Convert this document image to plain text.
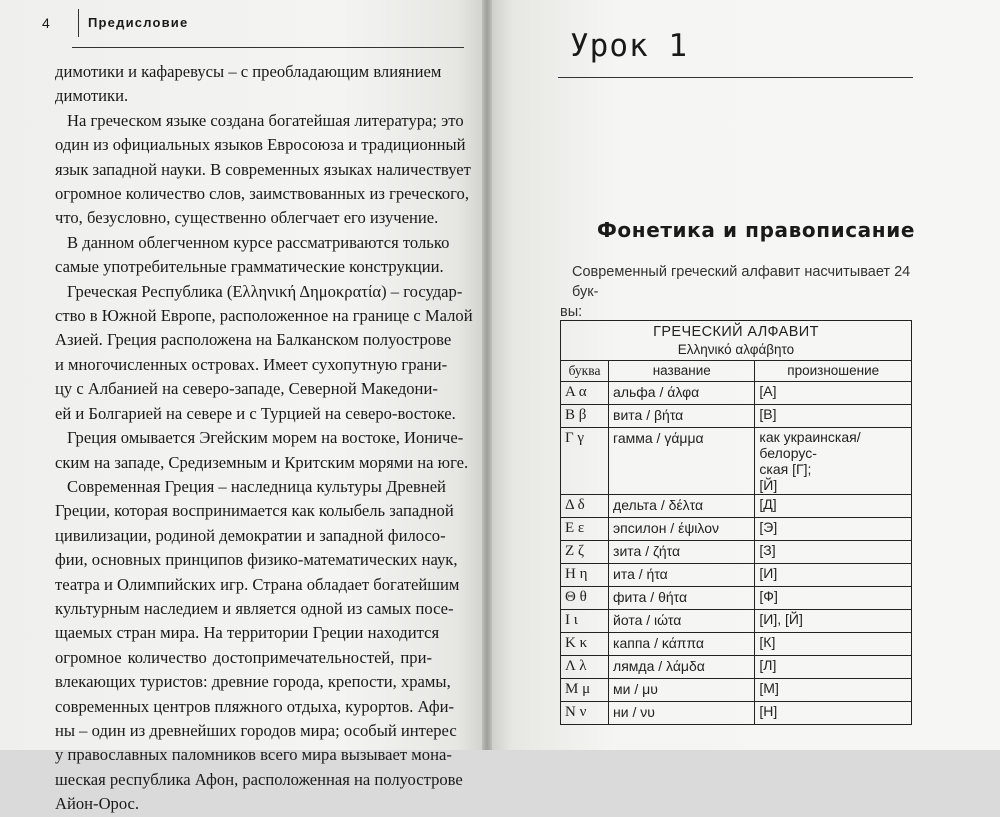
4	Предисловие
димотики и кафаревусы – с преобладающим влиянием
димотики.
На греческом языке создана богатейшая литература; это
один из официальных языков Евросоюза и традиционный
язык западной науки. В современных языках наличествует
огромное количество слов, заимствованных из греческого,
что, безусловно, существенно облегчает его изучение.
В данном облегченном курсе рассматриваются только
самые употребительные грамматические конструкции.
Греческая Республика (Ελληνική Δημοκρατία) – государ-
ство в Южной Европе, расположенное на границе с Малой
Азией. Греция расположена на Балканском полуострове
и многочисленных островах. Имеет сухопутную грани-
цу с Албанией на северо-западе, Северной Македони-
ей и Болгарией на севере и с Турцией на северо-востоке.
Греция омывается Эгейским морем на востоке, Иониче-
ским на западе, Средиземным и Критским морями на юге.
Современная Греция – наследница культуры Древней
Греции, которая воспринимается как колыбель западной
цивилизации, родиной демократии и западной филосо-
фии, основных принципов физико-математических наук,
театра и Олимпийских игр. Страна обладает богатейшим
культурным наследием и является одной из самых посе-
щаемых стран мира. На территории Греции находится
огромное количество достопримечательностей, при-
влекающих туристов: древние города, крепости, храмы,
современных центров пляжного отдыха, курортов. Афи-
ны – один из древнейших городов мира; особый интерес
у православных паломников всего мира вызывает мона-
шеская республика Афон, расположенная на полуострове
Айон-Орос.
Урок 1
Фонетика и правописание
Современный греческий алфавит насчитывает 24 бук-
вы:
ГРЕЧЕСКИЙ АЛФАВИТ
Ελληνικό αλφάβητο		

буква	название	произношение
Α α	альфа / άλφα	[А]

Β β	вита / βήτα	[В]

Γ γ	гамма / γάμμα	как украинская/белорус-
ская [Г];
[Й]

Δ δ	дельта / δέλτα	[Д]

Ε ε	эпсилон / έψιλον	[Э]

Ζ ζ	зита / ζήτα	[З]

Η η	ита / ήτα	[И]

Θ θ	фита / θήτα	[Ф]

Ι ι	йота / ιώτα	[И], [Й]

Κ κ	каппа / κάππα	[К]

Λ λ	лямда / λάμδα	[Л]

Μ μ	ми / μυ	[М]

Ν ν	ни / νυ	[Н]
